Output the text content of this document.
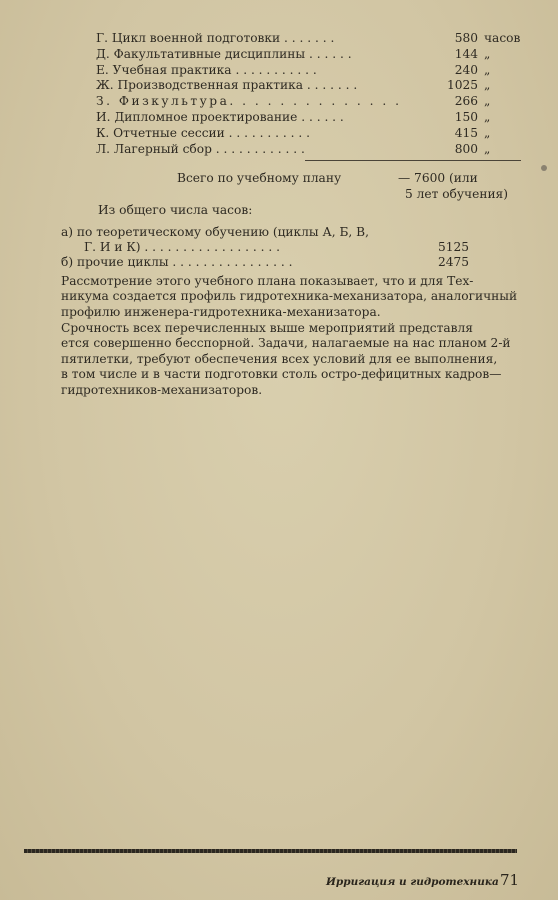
Г. Цикл военной подготовки . . . . . . .	580 часов
Д. Факультативные дисциплины . . . . . .	144 „
Е. Учебная практика . . . . . . . . . . .	240 „
Ж. Производственная практика . . . . . . .	1025 „
З. Физкультура. . . . . . . . . . . . . .	266 „
И. Дипломное проектирование . . . . . .	150 „
К. Отчетные сессии . . . . . . . . . . .	415 „
Л. Лагерный сбор . . . . . . . . . . . .	800 „
Всего по учебному плану	— 7600 (или
5 лет обучения)
Из общего числа часов:
а) по теоретическому обучению (циклы А, Б, В,
Г. И и К) . . . . . . . . . . . . . . . . . .	5125
б) прочие циклы . . . . . . . . . . . . . . . .	2475
Рассмотрение этого учебного плана показывает, что и для Тех-
никума создается профиль гидротехника-механизатора, аналогичный
профилю инженера-гидротехника-механизатора.
Срочность всех перечисленных выше мероприятий представля
ется совершенно бесспорной. Задачи, налагаемые на нас планом 2-й
пятилетки, требуют обеспечения всех условий для ее выполнения,
в том числе и в части подготовки столь остро-дефицитных кадров—
гидротехников-механизаторов.
Ирригация и гидротехника 71
